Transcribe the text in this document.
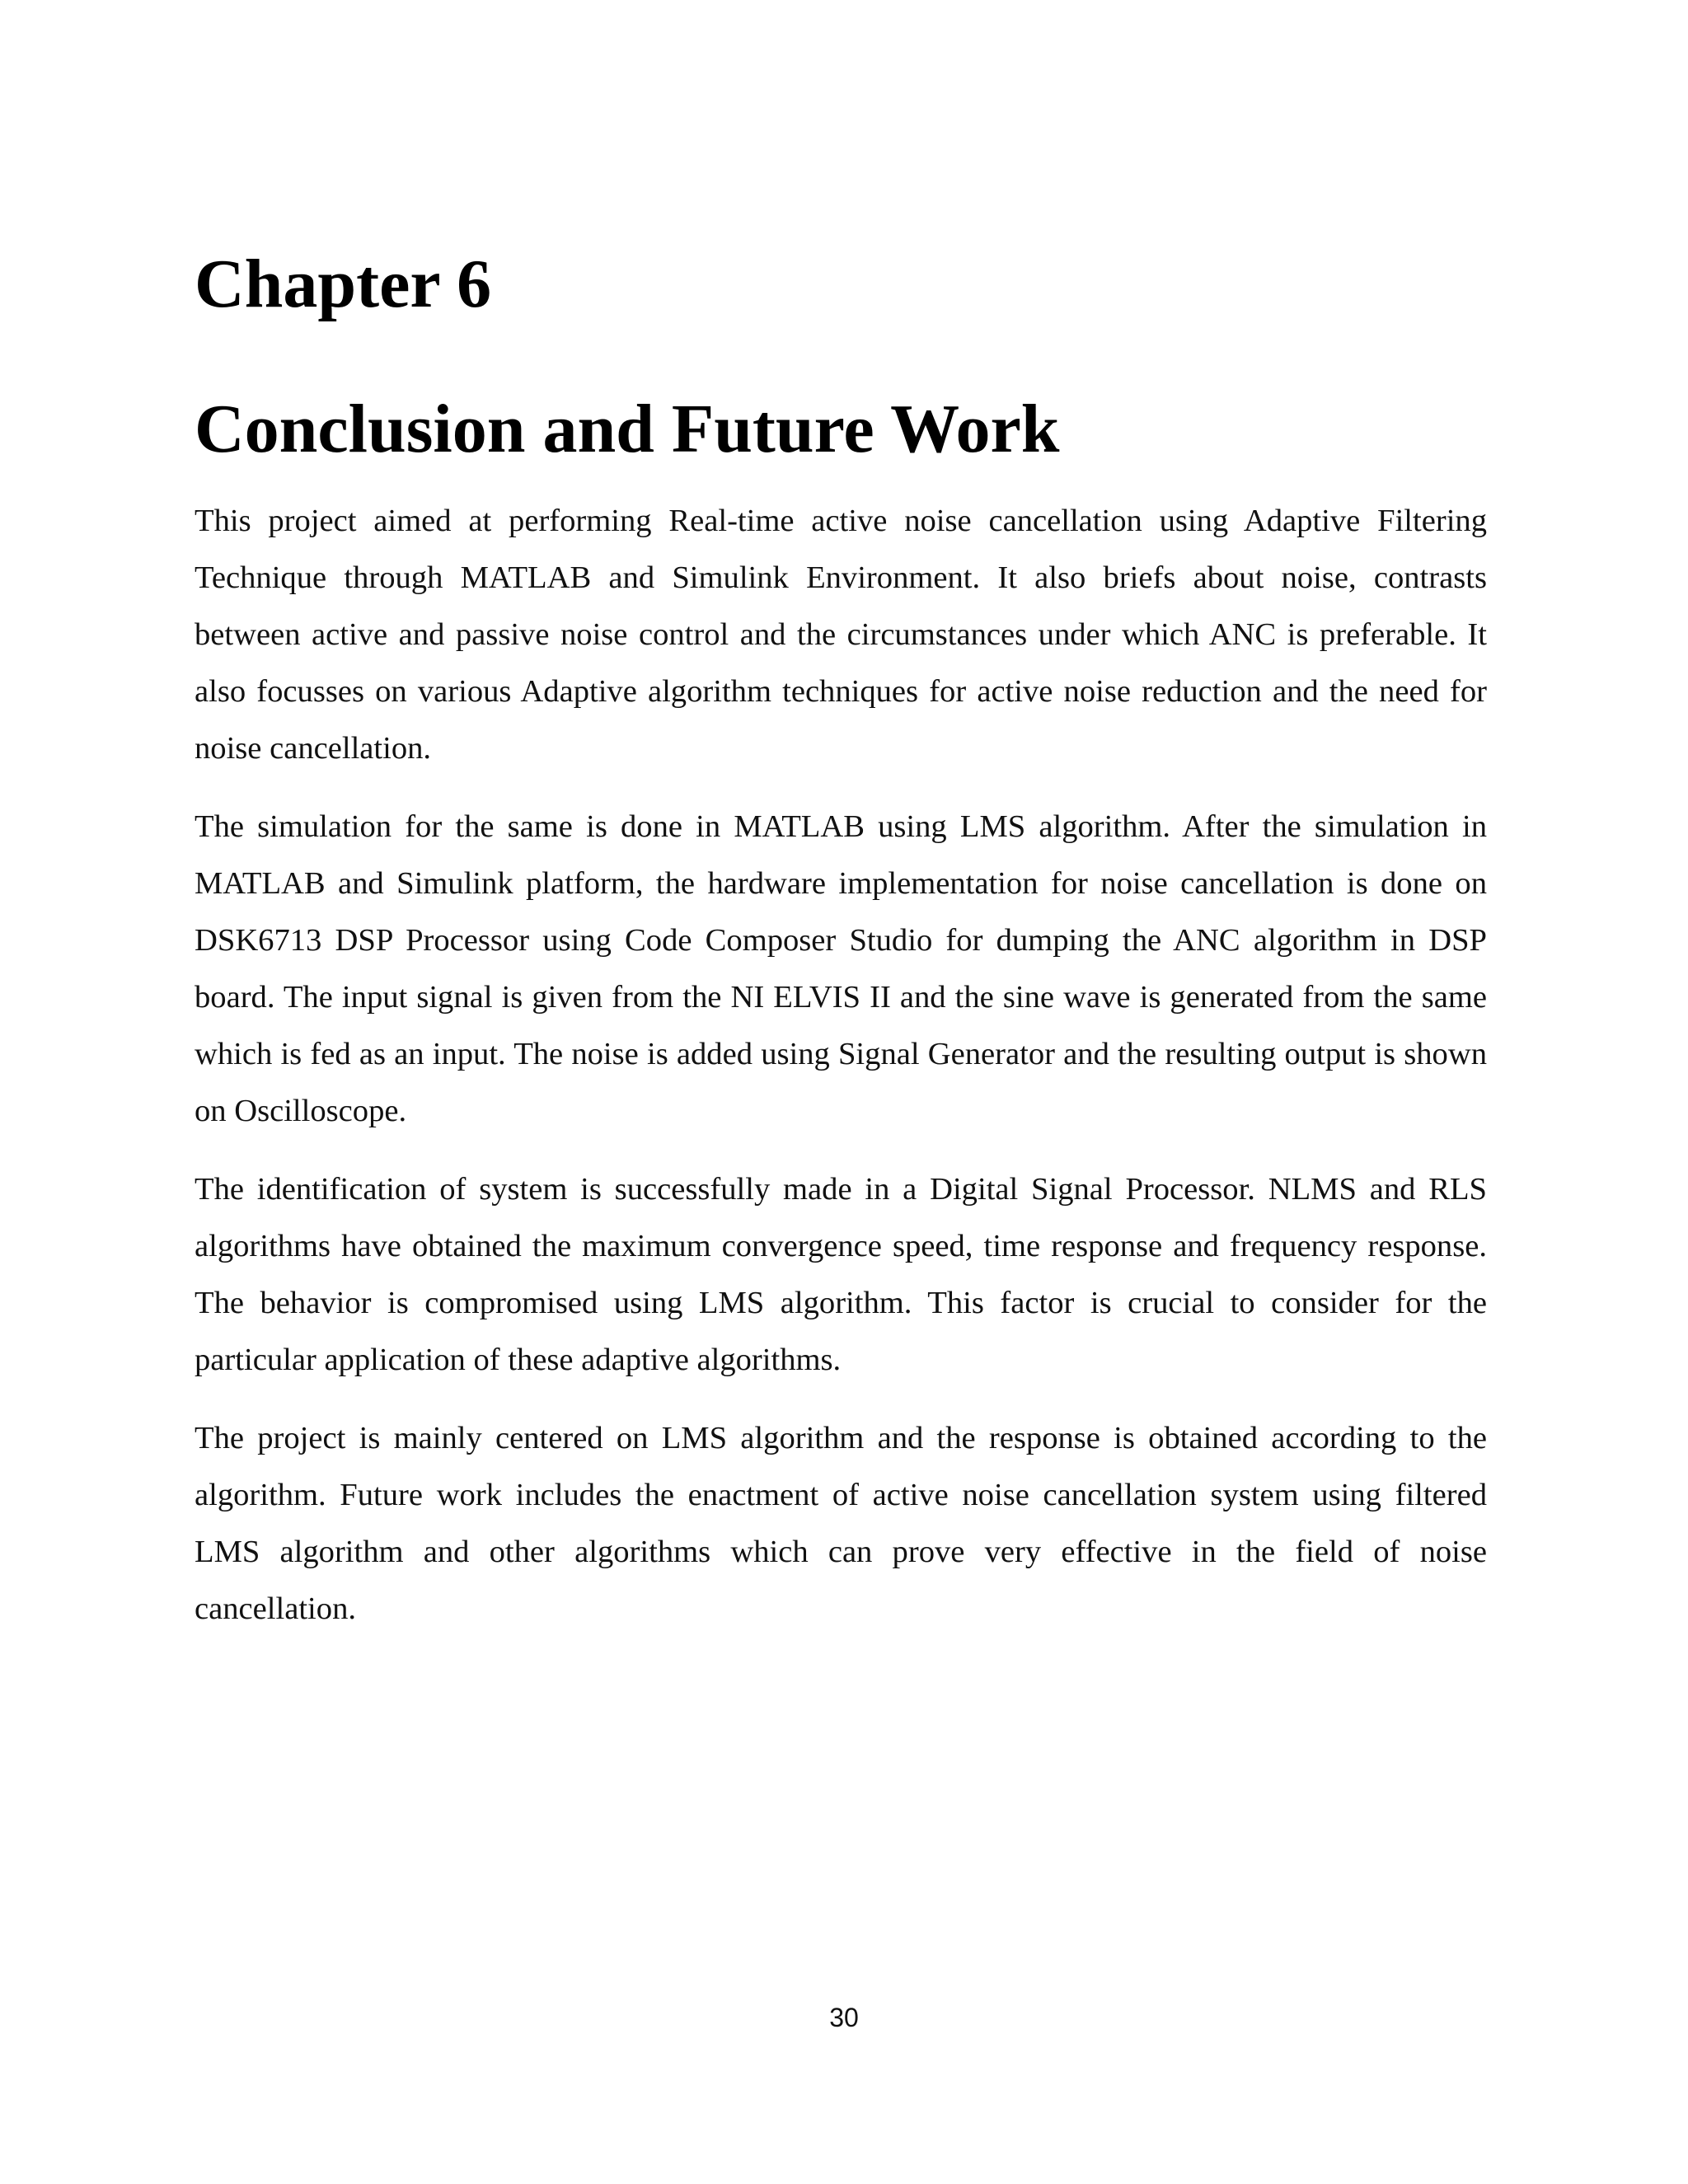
Chapter 6
Conclusion and Future Work

This project aimed at performing Real-time active noise cancellation using Adaptive Filtering Technique through MATLAB and Simulink Environment. It also briefs about noise, contrasts between active and passive noise control and the circumstances under which ANC is preferable. It also focusses on various Adaptive algorithm techniques for active noise reduction and the need for noise cancellation.

The simulation for the same is done in MATLAB using LMS algorithm. After the simulation in MATLAB and Simulink platform, the hardware implementation for noise cancellation is done on DSK6713 DSP Processor using Code Composer Studio for dumping the ANC algorithm in DSP board. The input signal is given from the NI ELVIS II and the sine wave is generated from the same which is fed as an input. The noise is added using Signal Generator and the resulting output is shown on Oscilloscope.

The identification of system is successfully made in a Digital Signal Processor. NLMS and RLS algorithms have obtained the maximum convergence speed, time response and frequency response. The behavior is compromised using LMS algorithm. This factor is crucial to consider for the particular application of these adaptive algorithms.

The project is mainly centered on LMS algorithm and the response is obtained according to the algorithm. Future work includes the enactment of active noise cancellation system using filtered LMS algorithm and other algorithms which can prove very effective in the field of noise cancellation.

30
